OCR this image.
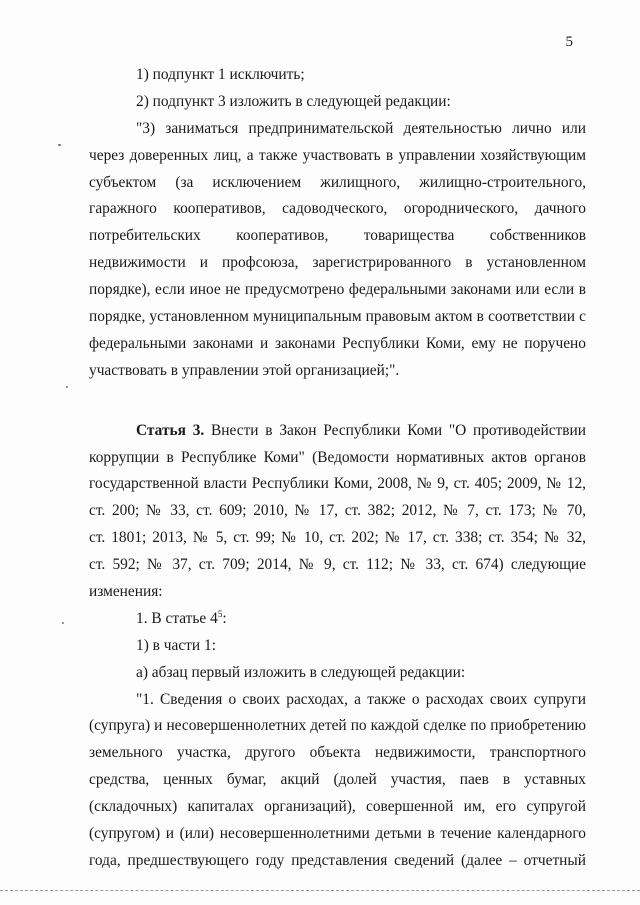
5
1) подпункт 1 исключить;
2) подпункт 3 изложить в следующей редакции:
"3) заниматься предпринимательской деятельностью лично или
через доверенных лиц, а также участвовать в управлении хозяйствующим
субъектом (за исключением жилищного, жилищно-строительного,
гаражного кооперативов, садоводческого, огороднического, дачного
потребительских кооперативов, товарищества собственников
недвижимости и профсоюза, зарегистрированного в установленном
порядке), если иное не предусмотрено федеральными законами или если в
порядке, установленном муниципальным правовым актом в соответствии с
федеральными законами и законами Республики Коми, ему не поручено
участвовать в управлении этой организацией;".
Статья 3. Внести в Закон Республики Коми "О противодействии
коррупции в Республике Коми" (Ведомости нормативных актов органов
государственной власти Республики Коми, 2008, № 9, ст. 405; 2009, № 12,
ст. 200; № 33, ст. 609; 2010, № 17, ст. 382; 2012, № 7, ст. 173; № 70,
ст. 1801; 2013, № 5, ст. 99; № 10, ст. 202; № 17, ст. 338; ст. 354; № 32,
ст. 592; № 37, ст. 709; 2014, № 9, ст. 112; № 33, ст. 674) следующие
изменения:
1. В статье $4^5$:
1) в части 1:
а) абзац первый изложить в следующей редакции:
"1. Сведения о своих расходах, а также о расходах своих супруги
(супруга) и несовершеннолетних детей по каждой сделке по приобретению
земельного участка, другого объекта недвижимости, транспортного
средства, ценных бумаг, акций (долей участия, паев в уставных
(складочных) капиталах организаций), совершенной им, его супругой
(супругом) и (или) несовершеннолетними детьми в течение календарного
года, предшествующего году представления сведений (далее – отчетный
